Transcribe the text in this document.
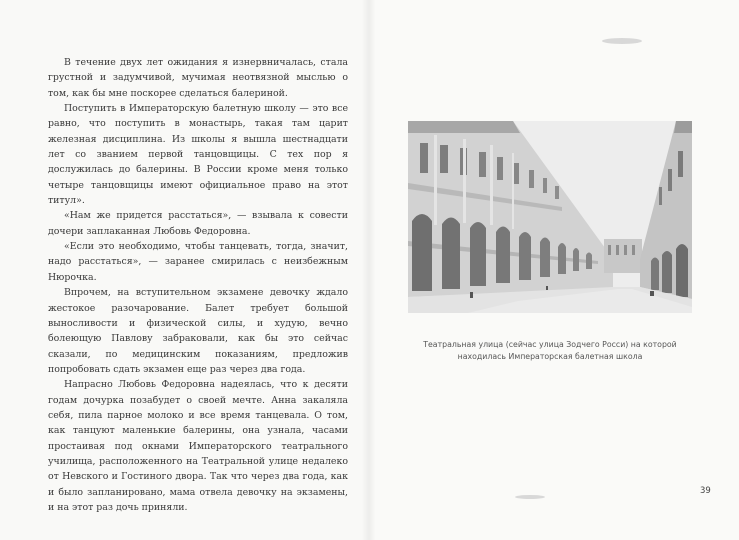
В течение двух лет ожидания я изнервничалась, стала грустной и задумчивой, мучимая неотвязной мыслью о том, как бы мне поскорее сделаться балериной.

Поступить в Императорскую балетную школу — это все равно, что поступить в монастырь, такая там царит железная дисциплина. Из школы я вышла шестнадцати лет со званием первой танцовщицы. С тех пор я дослужилась до балерины. В России кроме меня только четыре танцовщицы имеют официальное право на этот титул».

«Нам же придется расстаться», — взывала к совести дочери заплаканная Любовь Федоровна.

«Если это необходимо, чтобы танцевать, тогда, значит, надо расстаться», — заранее смирилась с неизбежным Нюрочка.

Впрочем, на вступительном экзамене девочку ждало жестокое разочарование. Балет требует большой выносливости и физической силы, и худую, вечно болеющую Павлову забраковали, как бы это сейчас сказали, по медицинским показаниям, предложив попробовать сдать экзамен еще раз через два года.

Напрасно Любовь Федоровна надеялась, что к десяти годам дочурка позабудет о своей мечте. Анна закаляла себя, пила парное молоко и все время танцевала. О том, как танцуют маленькие балерины, она узнала, часами простаивая под окнами Императорского театрального училища, расположенного на Театральной улице недалеко от Невского и Гостиного двора. Так что через два года, как и было запланировано, мама отвела девочку на экзамены, и на этот раз дочь приняли.

Театральная улица (сейчас улица Зодчего Росси) на которой находилась Императорская балетная школа
39
